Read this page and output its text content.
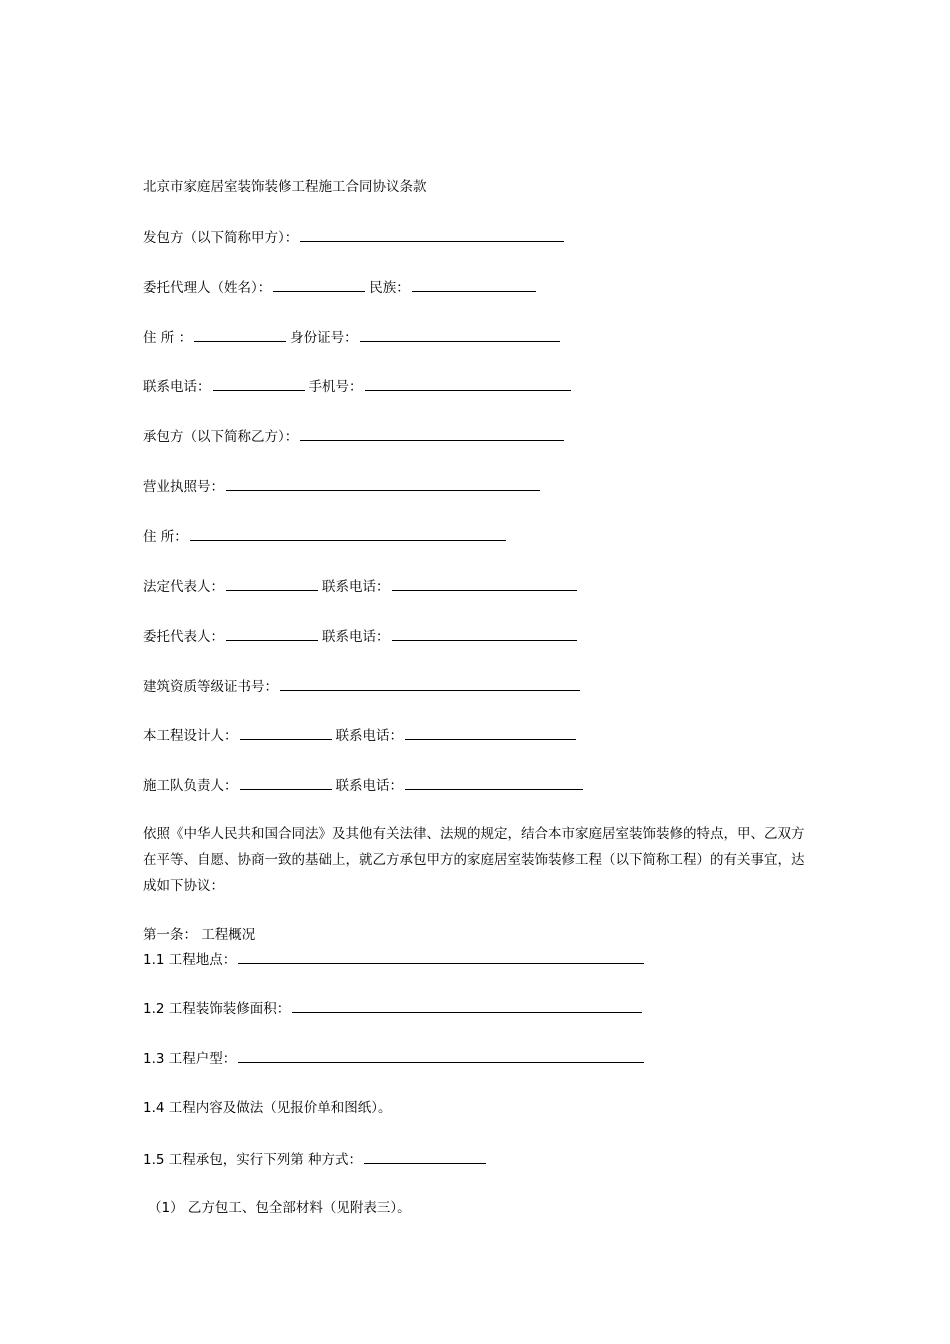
北京市家庭居室装饰装修工程施工合同协议条款
发包方（以下简称甲方）：
委托代理人（姓名）：	民族：
住 所 ：	身份证号：
联系电话：	手机号：
承包方（以下简称乙方）：
营业执照号：
住 所：
法定代表人：	联系电话：
委托代表人：	联系电话：
建筑资质等级证书号：
本工程设计人：	联系电话：
施工队负责人：	联系电话：
依照《中华人民共和国合同法》及其他有关法律、法规的规定，结合本市家庭居室装饰装修的特点，甲、乙双方在平等、自愿、协商一致的基础上，就乙方承包甲方的家庭居室装饰装修工程（以下简称工程）的有关事宜，达成如下协议：
第一条： 工程概况
1.1 工程地点：
1.2 工程装饰装修面积：
1.3 工程户型：
1.4 工程内容及做法（见报价单和图纸）。
1.5 工程承包，实行下列第 种方式：
（1） 乙方包工、包全部材料（见附表三）。
